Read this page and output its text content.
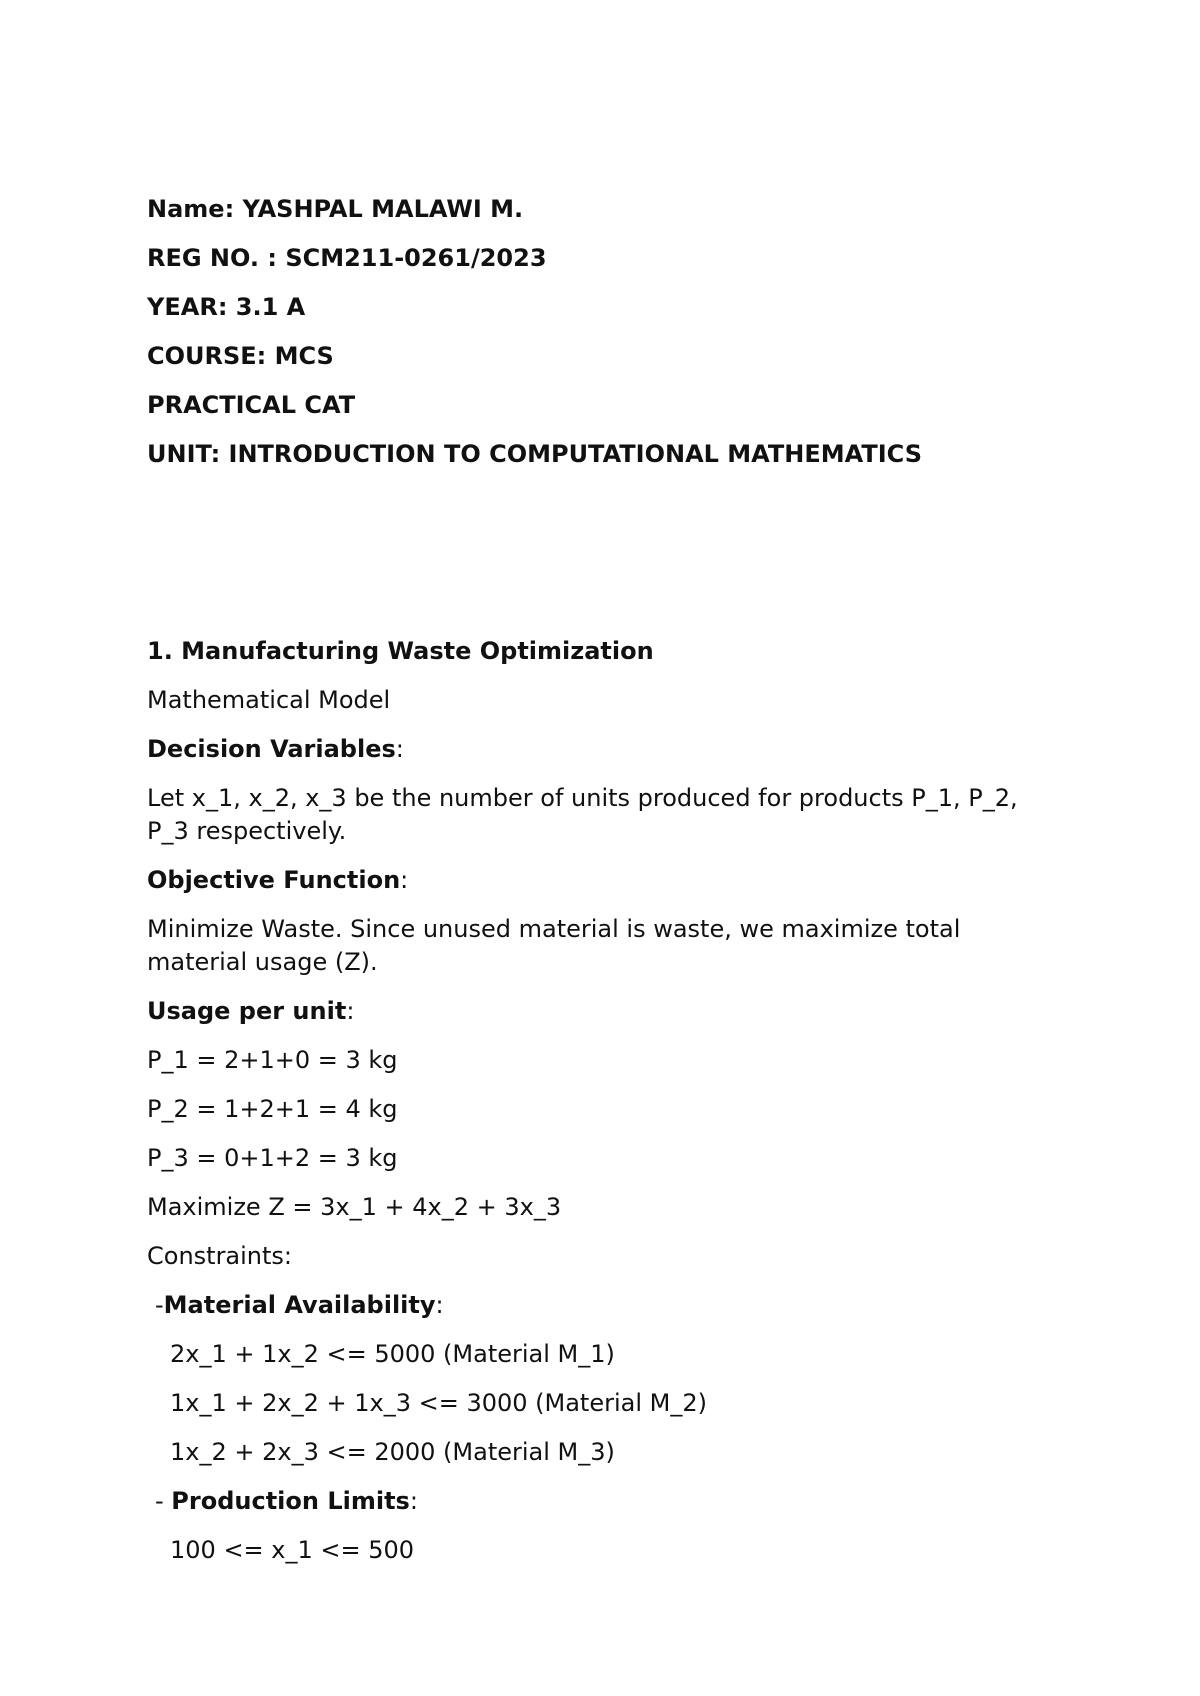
Name: YASHPAL MALAWI M.

REG NO. : SCM211-0261/2023

YEAR: 3.1 A

COURSE: MCS

PRACTICAL CAT

UNIT: INTRODUCTION TO COMPUTATIONAL MATHEMATICS

1. Manufacturing Waste Optimization

Mathematical Model

Decision Variables:

Let x_1, x_2, x_3 be the number of units produced for products P_1, P_2,

P_3 respectively.

Objective Function:

Minimize Waste. Since unused material is waste, we maximize total

material usage (Z).

Usage per unit:

P_1 = 2+1+0 = 3 kg

P_2 = 1+2+1 = 4 kg

P_3 = 0+1+2 = 3 kg

Maximize Z = 3x_1 + 4x_2 + 3x_3

Constraints:

-Material Availability:

2x_1 + 1x_2 <= 5000 (Material M_1)

1x_1 + 2x_2 + 1x_3 <= 3000 (Material M_2)

1x_2 + 2x_3 <= 2000 (Material M_3)

- Production Limits:

100 <= x_1 <= 500
